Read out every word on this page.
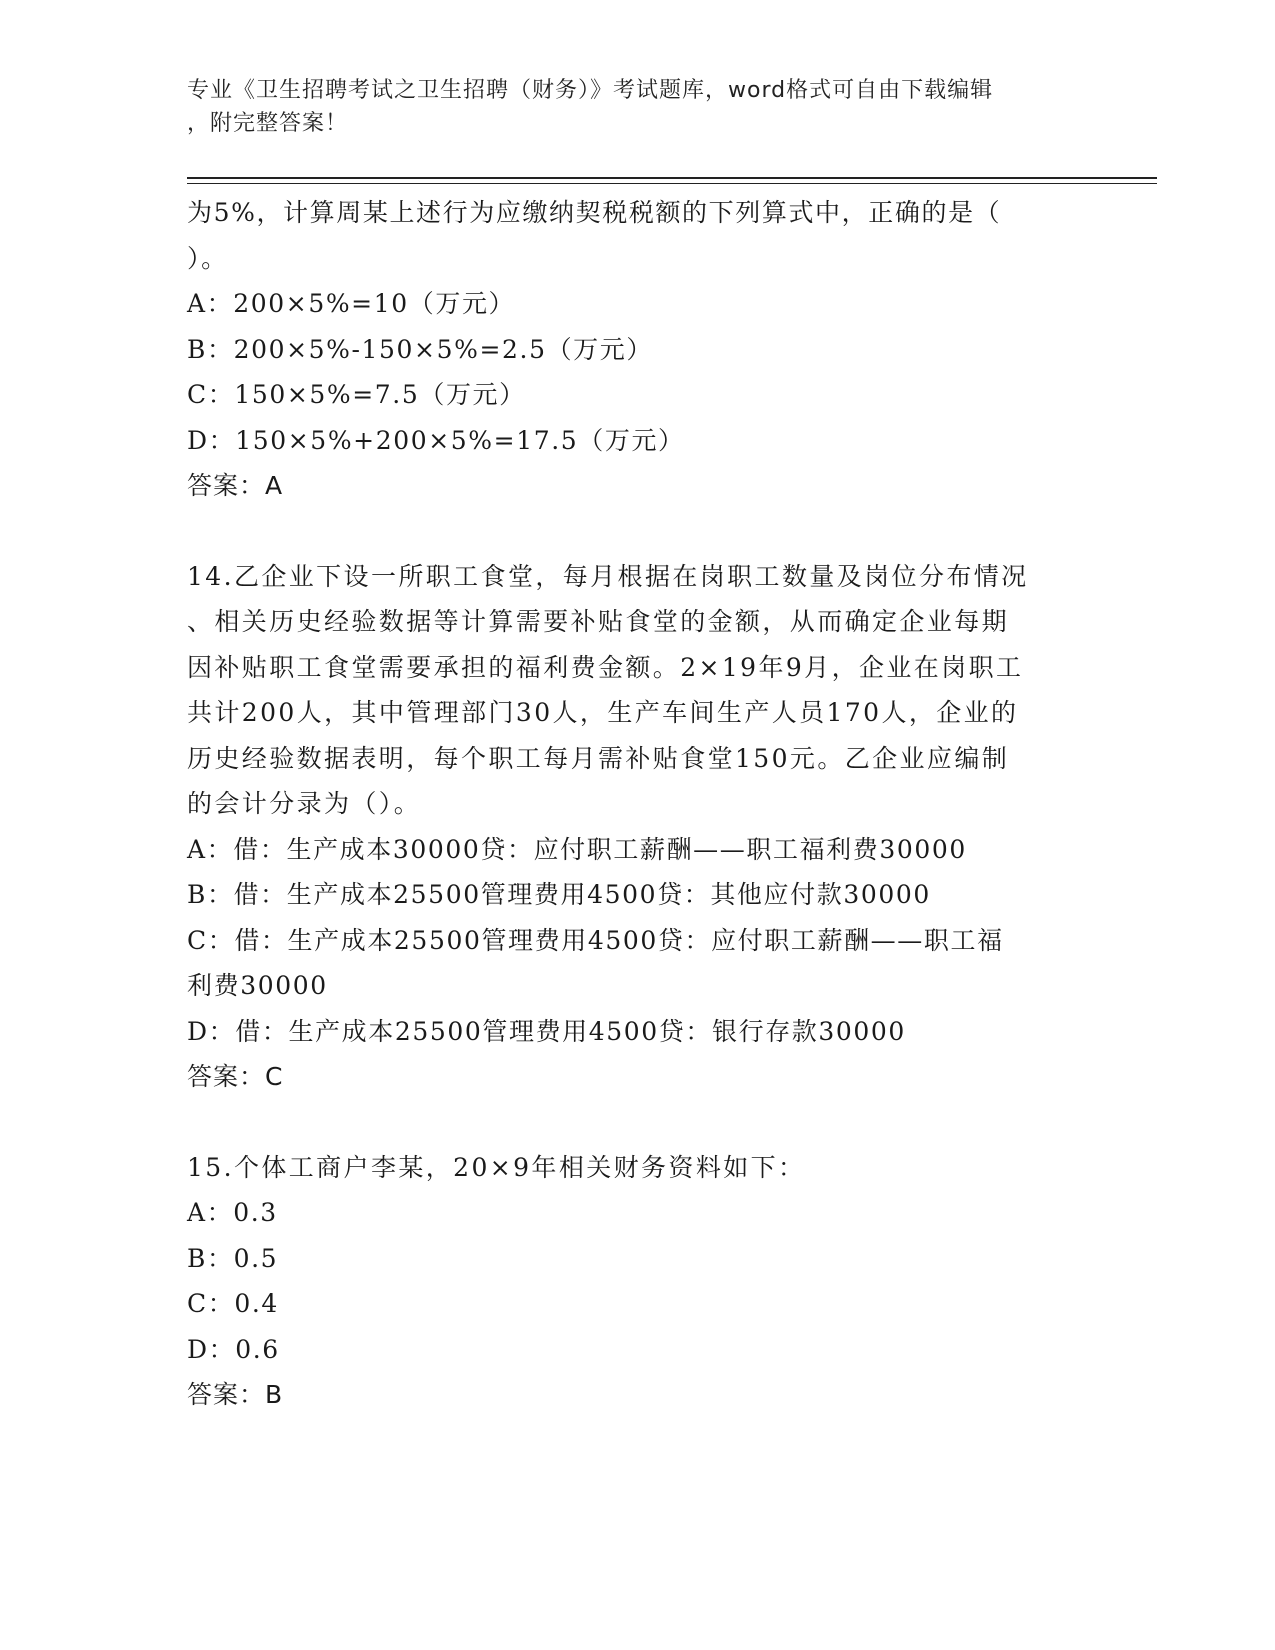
专业《卫生招聘考试之卫生招聘（财务）》考试题库，word格式可自由下载编辑
，附完整答案！
为5%，计算周某上述行为应缴纳契税税额的下列算式中，正确的是（
）。
A：200×5%=10（万元）
B：200×5%-150×5%=2.5（万元）
C：150×5%=7.5（万元）
D：150×5%+200×5%=17.5（万元）
答案：A
14.乙企业下设一所职工食堂，每月根据在岗职工数量及岗位分布情况
、相关历史经验数据等计算需要补贴食堂的金额，从而确定企业每期
因补贴职工食堂需要承担的福利费金额。2×19年9月，企业在岗职工
共计200人，其中管理部门30人，生产车间生产人员170人，企业的
历史经验数据表明，每个职工每月需补贴食堂150元。乙企业应编制
的会计分录为（）。
A：借：生产成本30000贷：应付职工薪酬——职工福利费30000
B：借：生产成本25500管理费用4500贷：其他应付款30000
C：借：生产成本25500管理费用4500贷：应付职工薪酬——职工福
利费30000
D：借：生产成本25500管理费用4500贷：银行存款30000
答案：C
15.个体工商户李某，20×9年相关财务资料如下：
A：0.3
B：0.5
C：0.4
D：0.6
答案：B
